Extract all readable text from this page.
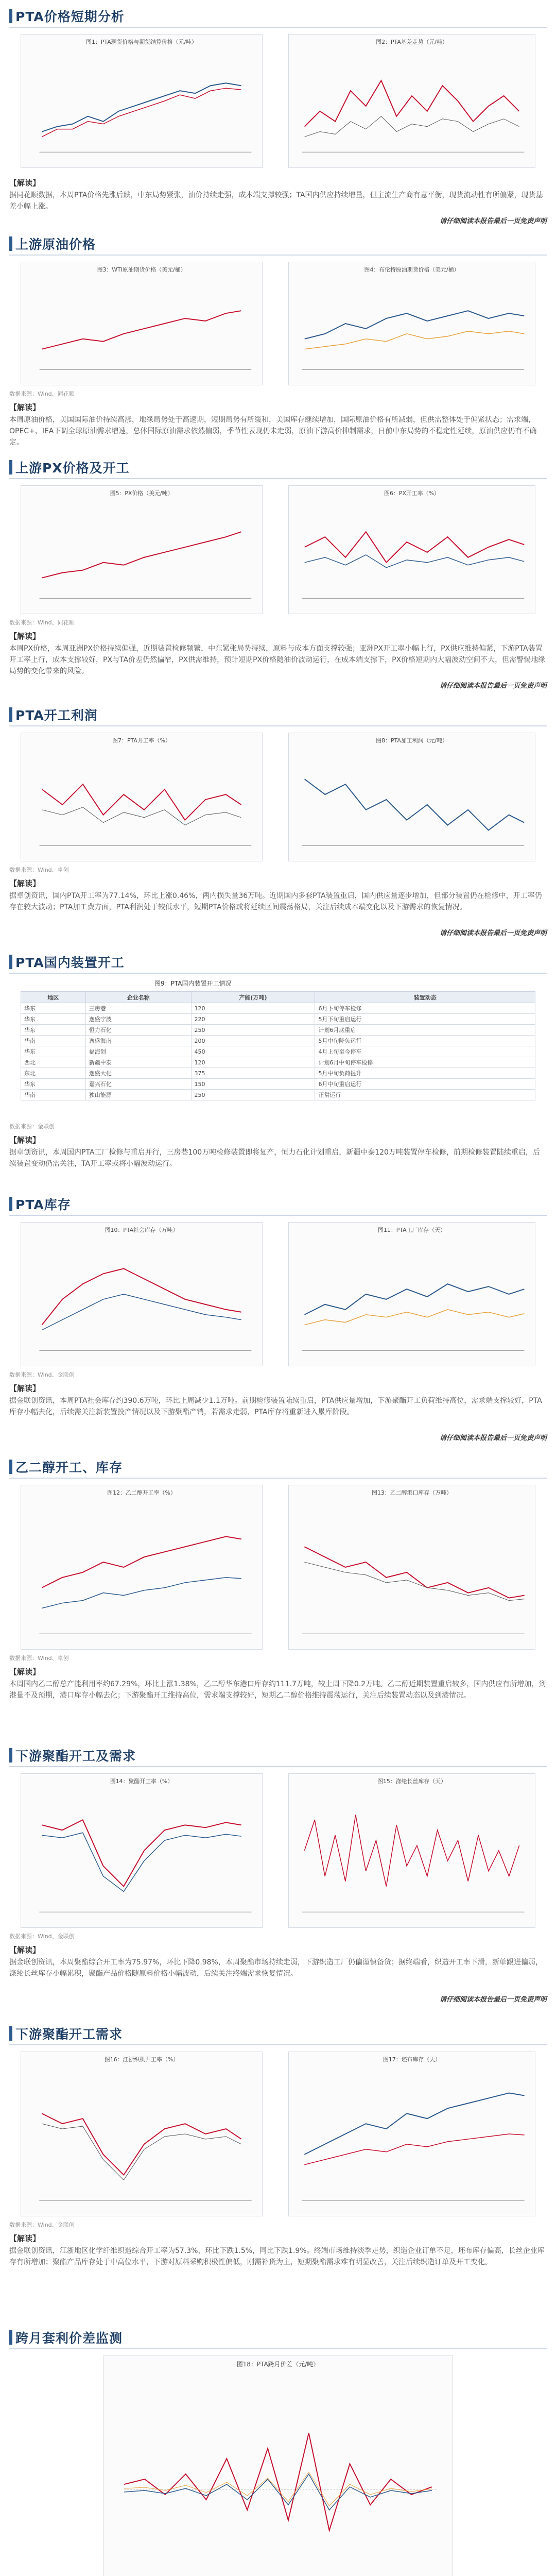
PTA价格短期分析
图1：PTA现货价格与期货结算价格（元/吨）	图2：PTA基差走势（元/吨）
【解读】
据同花顺数据，本周PTA价格先涨后跌，中东局势紧张，油价持续走强，成本端支撑较强；TA国内供应持续增量，但主流生产商有意平衡，现货流动性有所偏紧，现货基差小幅上涨。
请仔细阅读本报告最后一页免责声明
上游原油价格
图3：WTI原油期货价格（美元/桶）	图4：布伦特原油期货价格（美元/桶）
数据来源：Wind、同花顺
【解读】
本周原油价格，美国国际油价持续高涨，地缘局势处于高速期，短期局势有所缓和，美国库存继续增加，国际原油价格有所减弱，但供需整体处于偏紧状态；需求端，OPEC+、IEA下调全球原油需求增速，总体国际原油需求依然偏弱，季节性表现仍未走弱，原油下游高价抑制需求，日前中东局势的不稳定性延续，原油供应仍有不确定。
上游PX价格及开工
图5：PX价格（美元/吨）	图6：PX开工率（%）
数据来源：Wind、同花顺
【解读】
本周PX价格，本周亚洲PX价格持续偏强，近期装置检修频繁，中东紧张局势持续，原料与成本方面支撑较强；亚洲PX开工率小幅上行，PX供应维持偏紧，下游PTA装置开工率上行，成本支撑较好，PX与TA价差仍然偏窄，PX供需维持，预计短期PX价格随油价波动运行，在成本端支撑下，PX价格短期内大幅波动空间不大，但需警惕地缘局势的变化带来的风险。
请仔细阅读本报告最后一页免责声明
PTA开工利润
图7：PTA开工率（%）	图8：PTA加工利润（元/吨）
数据来源：Wind、卓创
【解读】
据卓创资讯，国内PTA开工率为77.14%，环比上涨0.46%，两内损失量36万吨。近期国内多套PTA装置重启，国内供应量逐步增加，但部分装置仍在检修中，开工率仍存在较大波动；PTA加工费方面，PTA利润处于较低水平，短期PTA价格或将延续区间震荡格局，关注后续成本端变化以及下游需求的恢复情况。
请仔细阅读本报告最后一页免责声明
PTA国内装置开工
图9：PTA国内装置开工情况
地区	企业名称	产能(万吨)	装置动态
华东	三房巷	120	6月下旬停车检修
华东	逸盛宁波	220	5月下旬重启运行
华东	恒力石化	250	计划6月底重启
华南	逸盛海南	200	5月中旬降负运行
华东	福海创	450	4月上旬至今停车
西北	新疆中泰	120	计划6月中旬停车检修
东北	逸盛大化	375	5月中旬负荷提升
华东	嘉兴石化	150	6月中旬重启运行
华南	独山能源	250	正常运行
数据来源：金联创
【解读】
据卓创资讯，本周国内PTA工厂检修与重启并行，三房巷100万吨检修装置即将复产，恒力石化计划重启，新疆中泰120万吨装置停车检修，前期检修装置陆续重启，后续装置变动仍需关注，TA开工率或将小幅波动运行。
PTA库存
图10：PTA社会库存（万吨）	图11：PTA工厂库存（天）
数据来源：Wind、金联创
【解读】
据金联创资讯，本周PTA社会库存约390.6万吨，环比上周减少1.1万吨。前期检修装置陆续重启，PTA供应量增加，下游聚酯开工负荷维持高位，需求端支撑较好，PTA库存小幅去化，后续需关注新装置投产情况以及下游聚酯产销，若需求走弱，PTA库存将重新进入累库阶段。
请仔细阅读本报告最后一页免责声明
乙二醇开工、库存
图12：乙二醇开工率（%）	图13：乙二醇港口库存（万吨）
数据来源：Wind、卓创
【解读】
本周国内乙二醇总产能利用率约67.29%，环比上涨1.38%，乙二醇华东港口库存约111.7万吨，较上周下降0.2万吨。乙二醇近期装置重启较多，国内供应有所增加，到港量不及预期，港口库存小幅去化；下游聚酯开工维持高位，需求端支撑较好，短期乙二醇价格维持震荡运行，关注后续装置动态以及到港情况。
下游聚酯开工及需求
图14：聚酯开工率（%）	图15：涤纶长丝库存（天）
数据来源：Wind、金联创
【解读】
据金联创资讯，本周聚酯综合开工率为75.97%，环比下降0.98%，本周聚酯市场持续走弱，下游织造工厂仍偏谨慎备货；据终端看，织造开工率下滑，新单跟进偏弱，涤纶长丝库存小幅累积，聚酯产品价格随原料价格小幅波动，后续关注终端需求恢复情况。
请仔细阅读本报告最后一页免责声明
下游聚酯开工需求
图16：江浙织机开工率（%）	图17：坯布库存（天）
数据来源：Wind、金联创
【解读】
据金联创资讯，江浙地区化学纤维织造综合开工率为57.3%，环比下跌1.5%，同比下跌1.9%。终端市场维持淡季走势，织造企业订单不足，坯布库存偏高，长丝企业库存有所增加；聚酯产品库存处于中高位水平，下游对原料采购积极性偏低，刚需补货为主，短期聚酯需求难有明显改善，关注后续织造订单及开工变化。
跨月套利价差监测
图18：PTA跨月价差（元/吨）
